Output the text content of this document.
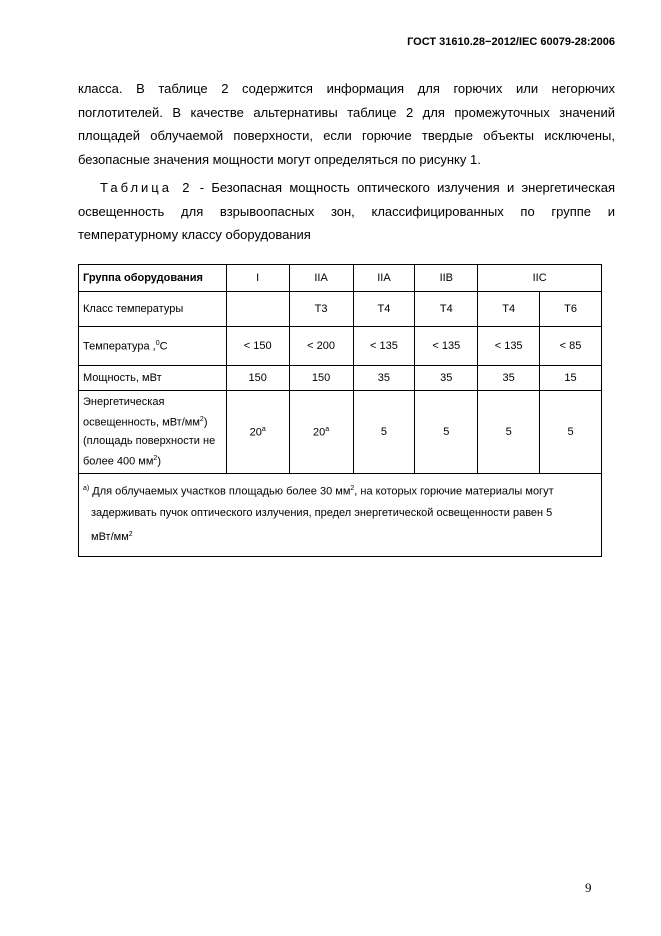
ГОСТ 31610.28−2012/IEC 60079-28:2006
класса. В таблице 2 содержится информация для горючих или негорючих
поглотителей. В качестве альтернативы таблице 2 для промежуточных значений
площадей облучаемой поверхности, если горючие твердые объекты исключены,
безопасные значения мощности могут определяться по рисунку 1.
Таблица 2 - Безопасная мощность оптического излучения и энергетическая
освещенность для взрывоопасных зон, классифицированных по группе и
температурному классу оборудования
Группа оборудования	I	IIA	IIA	IIB	IIC	
Класс температуры		T3	T4	T4	T4	T6
Температура ,$^0$C	< 150	< 200	< 135	< 135	< 135	< 85
Мощность, мВт	150	150	35	35	35	15
Энергетическая
освещенность, мВт/$мм^2$)
(площадь поверхности не
более 400 $мм^2$)	20$^a$	20$^a$	5	5	5	5
$^{a)}$ Для облучаемых участков площадью более 30 $мм^2$, на которых горючие материалы могут
задерживать пучок оптического излучения, предел энергетической освещенности равен 5
мВт/$мм^2$
9
